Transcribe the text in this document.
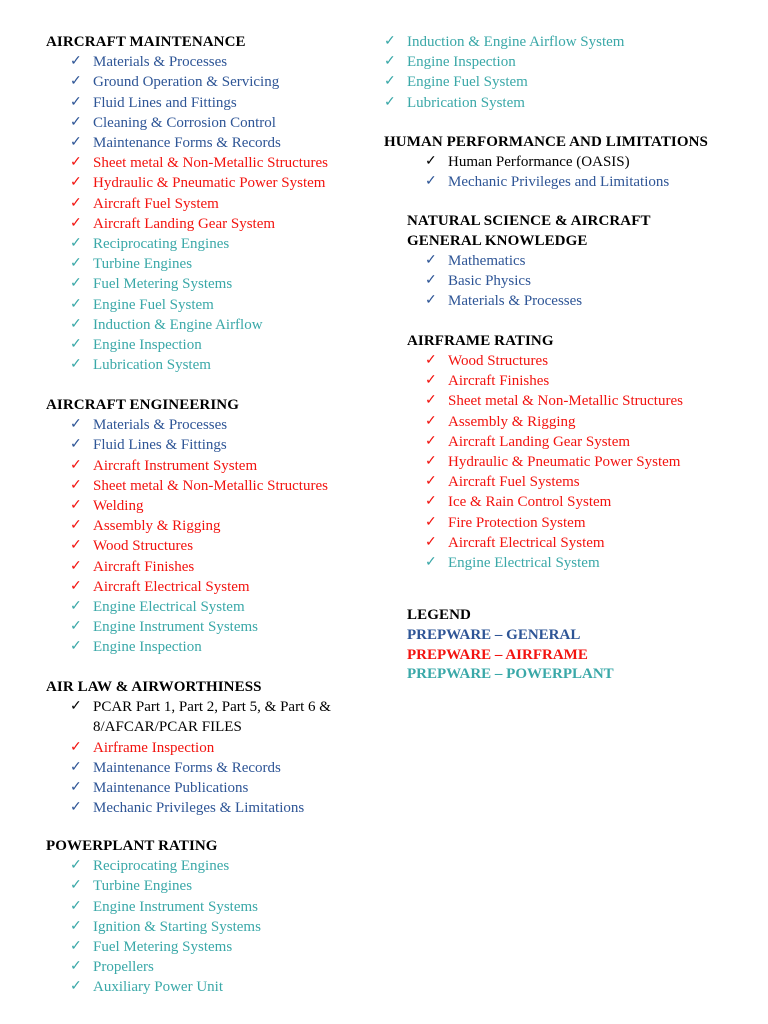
AIRCRAFT MAINTENANCE
✓ Materials & Processes
✓ Ground Operation & Servicing
✓ Fluid Lines and Fittings
✓ Cleaning & Corrosion Control
✓ Maintenance Forms & Records
✓ Sheet metal & Non-Metallic Structures
✓ Hydraulic & Pneumatic Power System
✓ Aircraft Fuel System
✓ Aircraft Landing Gear System
✓ Reciprocating Engines
✓ Turbine Engines
✓ Fuel Metering Systems
✓ Engine Fuel System
✓ Induction & Engine Airflow
✓ Engine Inspection
✓ Lubrication System
AIRCRAFT ENGINEERING
✓ Materials & Processes
✓ Fluid Lines & Fittings
✓ Aircraft Instrument System
✓ Sheet metal & Non-Metallic Structures
✓ Welding
✓ Assembly & Rigging
✓ Wood Structures
✓ Aircraft Finishes
✓ Aircraft Electrical System
✓ Engine Electrical System
✓ Engine Instrument Systems
✓ Engine Inspection
AIR LAW & AIRWORTHINESS
✓ PCAR Part 1, Part 2, Part 5, & Part 6 &
8/AFCAR/PCAR FILES
✓ Airframe Inspection
✓ Maintenance Forms & Records
✓ Maintenance Publications
✓ Mechanic Privileges & Limitations
POWERPLANT RATING
✓ Reciprocating Engines
✓ Turbine Engines
✓ Engine Instrument Systems
✓ Ignition & Starting Systems
✓ Fuel Metering Systems
✓ Propellers
✓ Auxiliary Power Unit
✓ Induction & Engine Airflow System
✓ Engine Inspection
✓ Engine Fuel System
✓ Lubrication System
HUMAN PERFORMANCE AND LIMITATIONS
✓ Human Performance (OASIS)
✓ Mechanic Privileges and Limitations
NATURAL SCIENCE & AIRCRAFT
GENERAL KNOWLEDGE
✓ Mathematics
✓ Basic Physics
✓ Materials & Processes
AIRFRAME RATING
✓ Wood Structures
✓ Aircraft Finishes
✓ Sheet metal & Non-Metallic Structures
✓ Assembly & Rigging
✓ Aircraft Landing Gear System
✓ Hydraulic & Pneumatic Power System
✓ Aircraft Fuel Systems
✓ Ice & Rain Control System
✓ Fire Protection System
✓ Aircraft Electrical System
✓ Engine Electrical System
LEGEND
PREPWARE – GENERAL
PREPWARE – AIRFRAME
PREPWARE – POWERPLANT
